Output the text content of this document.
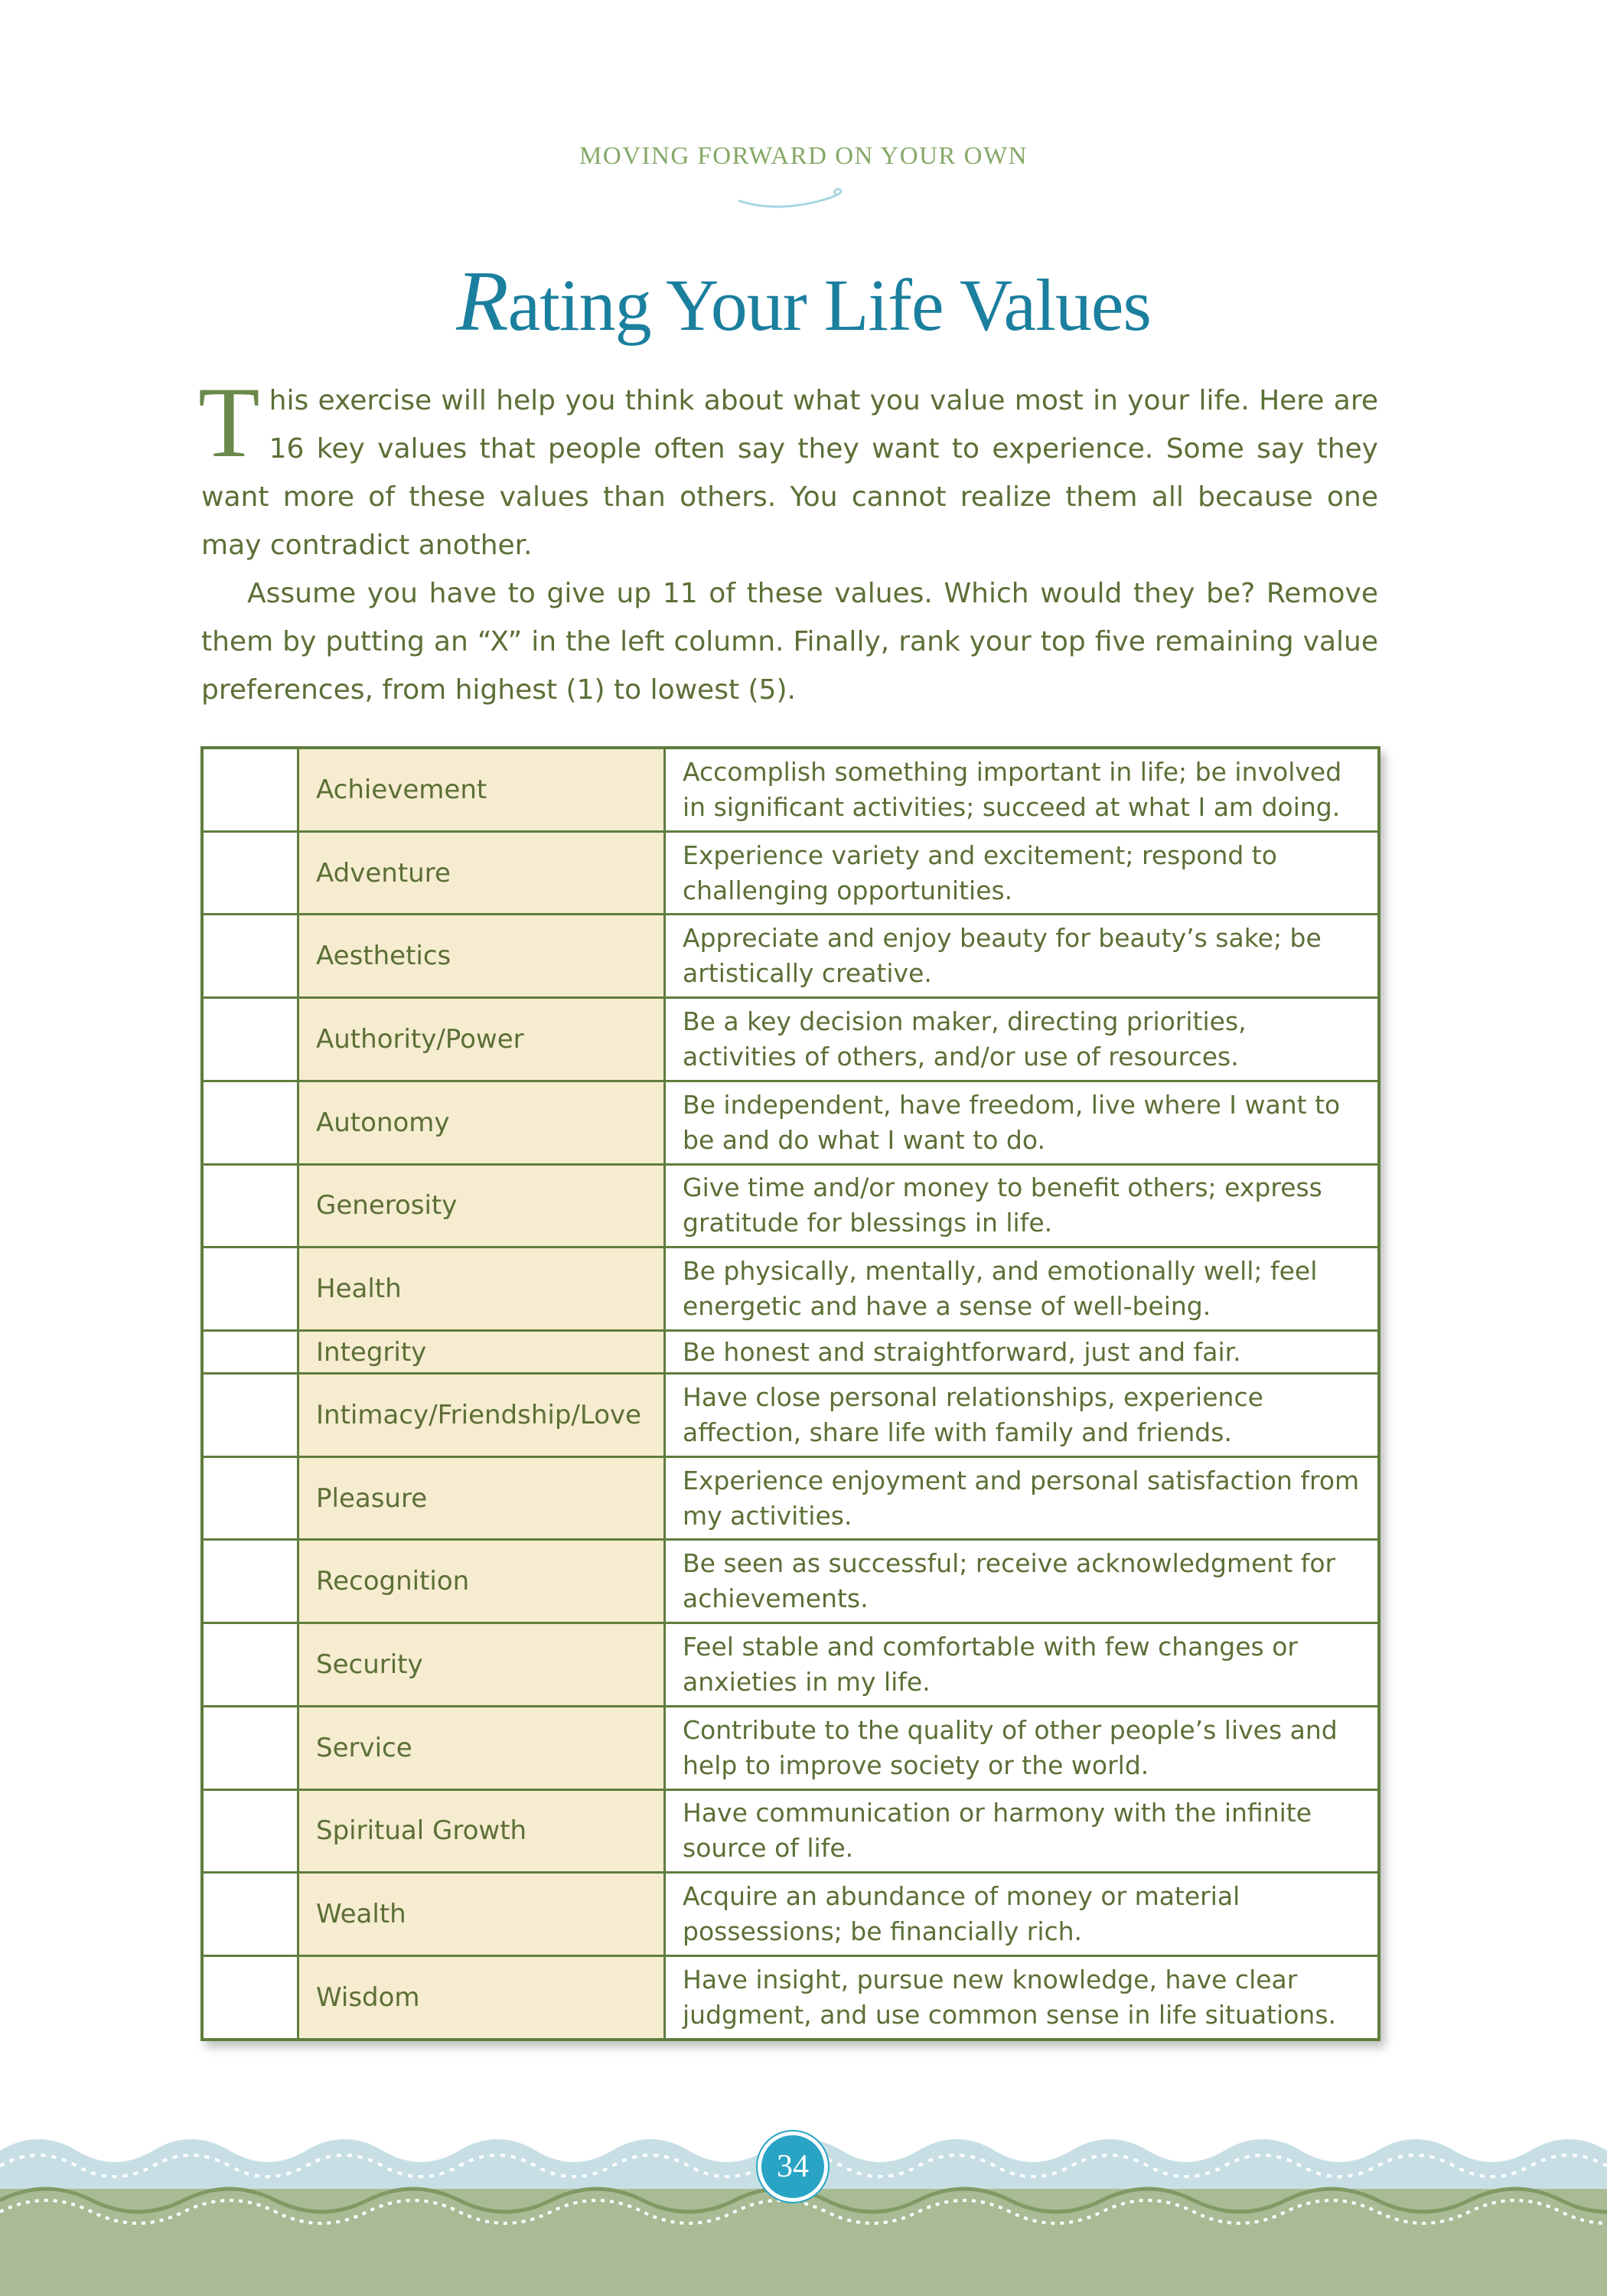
MOVING FORWARD ON YOUR OWN
Rating Your Life Values

This exercise will help you think about what you value most in your life. Here are 16 key values that people often say they want to experience. Some say they want more of these values than others. You cannot realize them all because one may contradict another.

Assume you have to give up 11 of these values. Which would they be? Remove them by putting an “X” in the left column. Finally, rank your top five remaining value preferences, from highest (1) to lowest (5).

	Achievement	Accomplish something important in life; be involved in significant activities; succeed at what I am doing.
	Adventure	Experience variety and excitement; respond to challenging opportunities.
	Aesthetics	Appreciate and enjoy beauty for beauty’s sake; be artistically creative.
	Authority/Power	Be a key decision maker, directing priorities, activities of others, and/or use of resources.
	Autonomy	Be independent, have freedom, live where I want to be and do what I want to do.
	Generosity	Give time and/or money to benefit others; express gratitude for blessings in life.
	Health	Be physically, mentally, and emotionally well; feel energetic and have a sense of well-being.
	Integrity	Be honest and straightforward, just and fair.
	Intimacy/Friendship/Love	Have close personal relationships, experience affection, share life with family and friends.
	Pleasure	Experience enjoyment and personal satisfaction from my activities.
	Recognition	Be seen as successful; receive acknowledgment for achievements.
	Security	Feel stable and comfortable with few changes or anxieties in my life.
	Service	Contribute to the quality of other people’s lives and help to improve society or the world.
	Spiritual Growth	Have communication or harmony with the infinite source of life.
	Wealth	Acquire an abundance of money or material possessions; be financially rich.
	Wisdom	Have insight, pursue new knowledge, have clear judgment, and use common sense in life situations.
34
